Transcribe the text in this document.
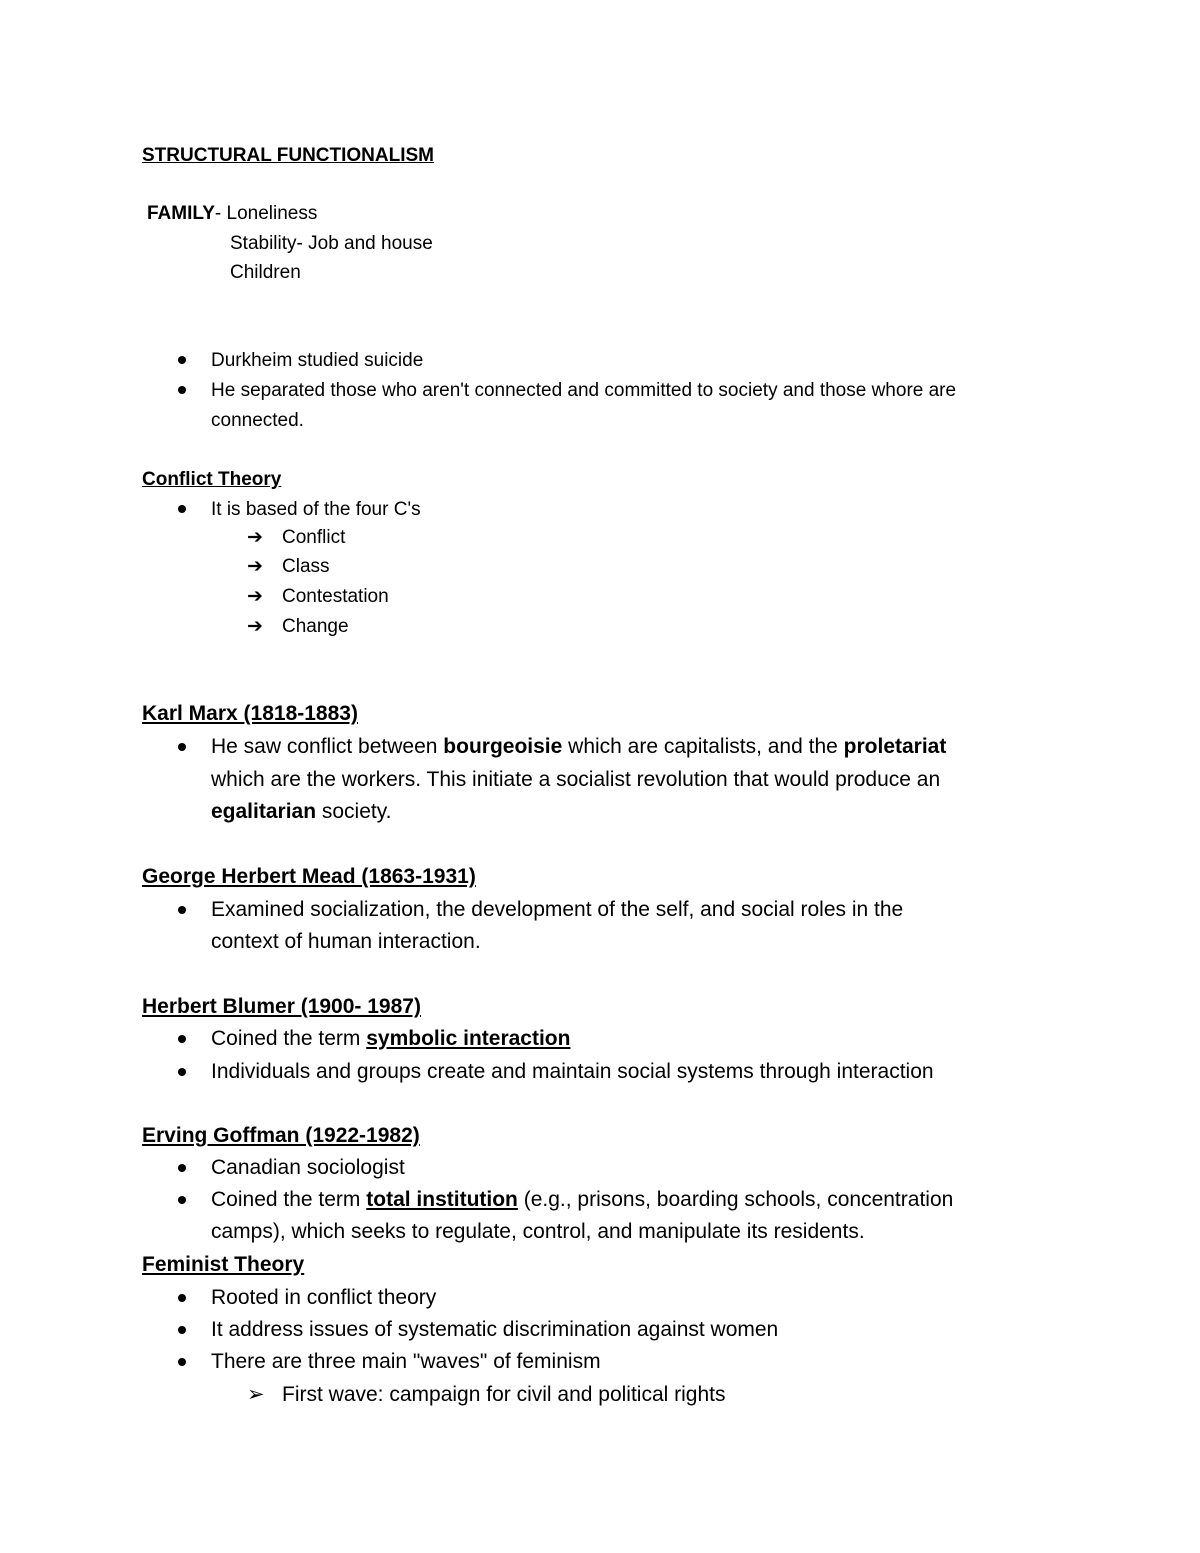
STRUCTURAL FUNCTIONALISM
FAMILY- Loneliness
Stability- Job and house
Children
Durkheim studied suicide
He separated those who aren't connected and committed to society and those whore are
connected.
Conflict Theory
It is based of the four C's
➔ Conflict
➔ Class
➔ Contestation
➔ Change
Karl Marx (1818-1883)
He saw conflict between bourgeoisie which are capitalists, and the proletariat
which are the workers. This initiate a socialist revolution that would produce an
egalitarian society.
George Herbert Mead (1863-1931)
Examined socialization, the development of the self, and social roles in the
context of human interaction.
Herbert Blumer (1900- 1987)
Coined the term symbolic interaction
Individuals and groups create and maintain social systems through interaction
Erving Goffman (1922-1982)
Canadian sociologist
Coined the term total institution (e.g., prisons, boarding schools, concentration
camps), which seeks to regulate, control, and manipulate its residents.
Feminist Theory
Rooted in conflict theory
It address issues of systematic discrimination against women
There are three main "waves" of feminism
➢ First wave: campaign for civil and political rights
